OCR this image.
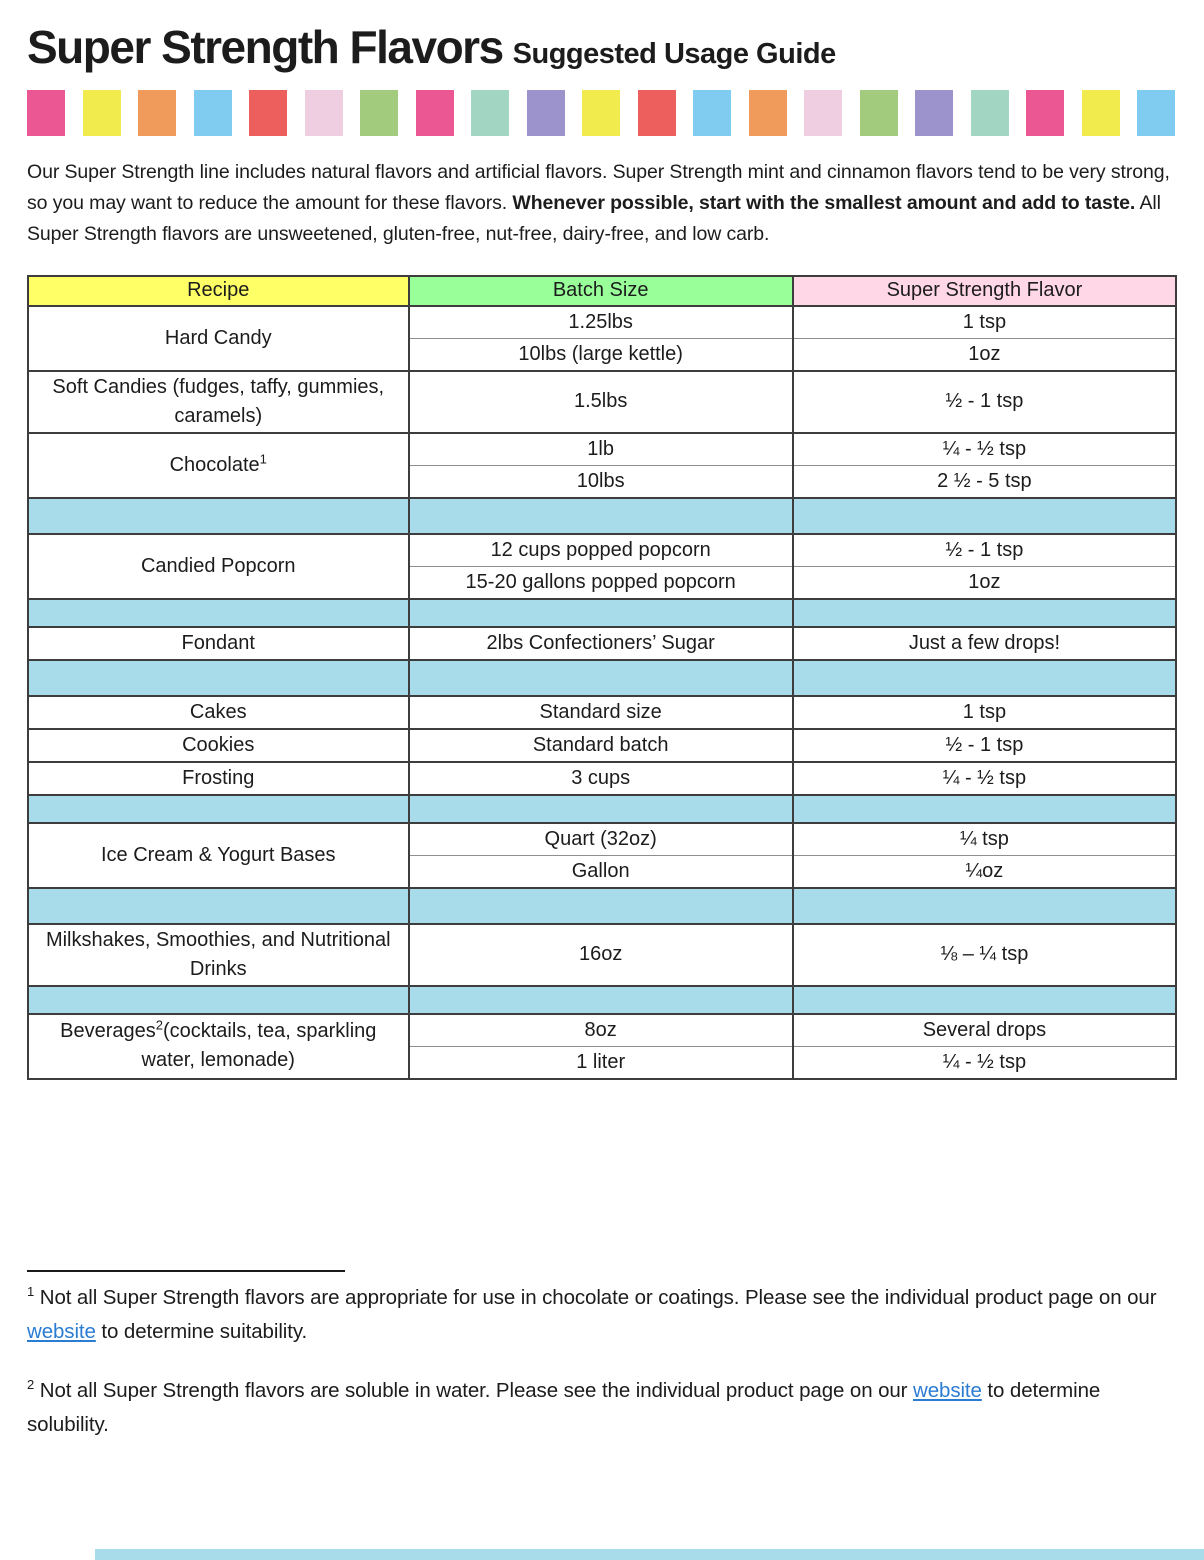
Super Strength Flavors Suggested Usage Guide

Our Super Strength line includes natural flavors and artificial flavors. Super Strength mint and cinnamon flavors tend to be very strong, so you may want to reduce the amount for these flavors. Whenever possible, start with the smallest amount and add to taste. All Super Strength flavors are unsweetened, gluten-free, nut-free, dairy-free, and low carb.

Recipe	Batch Size	Super Strength Flavor
Hard Candy	1.25lbs	1 tsp
	10lbs (large kettle)	1oz
Soft Candies (fudges, taffy, gummies, caramels)	1.5lbs	½ - 1 tsp
Chocolate$^1$	1lb	¼ - ½ tsp
	10lbs	2 ½ - 5 tsp

Candied Popcorn	12 cups popped popcorn	½ - 1 tsp
	15-20 gallons popped popcorn	1oz

Fondant	2lbs Confectioners’ Sugar	Just a few drops!

Cakes	Standard size	1 tsp
Cookies	Standard batch	½ - 1 tsp
Frosting	3 cups	¼ - ½ tsp

Ice Cream & Yogurt Bases	Quart (32oz)	¼ tsp
	Gallon	¼oz

Milkshakes, Smoothies, and Nutritional Drinks	16oz	⅛ – ¼ tsp

Beverages$^2$(cocktails, tea, sparkling water, lemonade)	8oz	Several drops
	1 liter	¼ - ½ tsp

$^1$ Not all Super Strength flavors are appropriate for use in chocolate or coatings. Please see the individual product page on our website to determine suitability.

$^2$ Not all Super Strength flavors are soluble in water. Please see the individual product page on our website to determine solubility.
